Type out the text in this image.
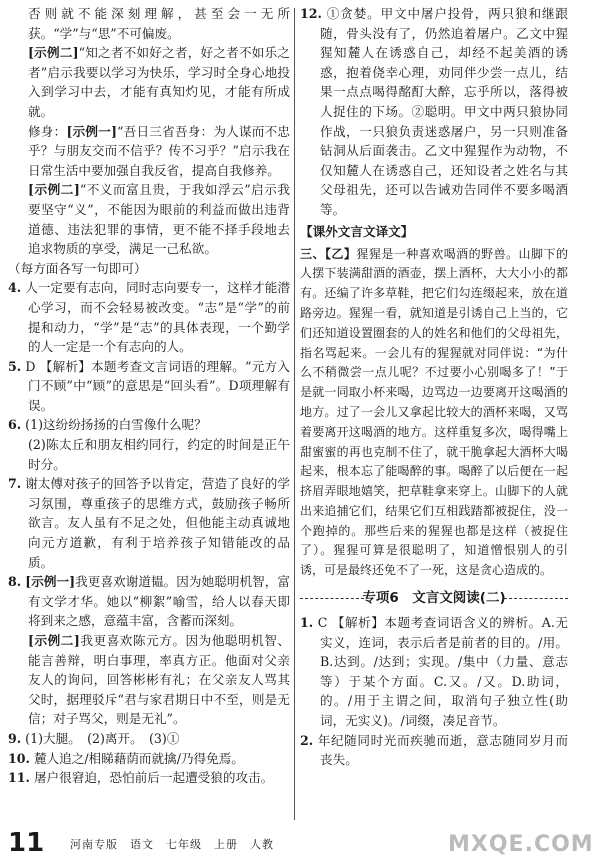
否则就不能深刻理解，甚至会一无所获。“学”与“思”不可偏废。

[示例二]“知之者不如好之者，好之者不如乐之者”启示我要以学习为快乐，学习时全身心地投入到学习中去，才能有真知灼见，才能有所成就。

修身：[示例一]“吾日三省吾身：为人谋而不忠乎？与朋友交而不信乎？传不习乎？”启示我在日常生活中要加强自我反省，提高自我修养。

[示例二]“不义而富且贵，于我如浮云”启示我要坚守“义”，不能因为眼前的利益而做出违背道德、违法犯罪的事情，更不能不择手段地去追求物质的享受，满足一己私欲。

（每方面各写一句即可）

4. 人一定要有志向，同时志向要专一，这样才能潜心学习，而不会轻易被改变。“志”是“学”的前提和动力，“学”是“志”的具体表现，一个勤学的人一定是一个有志向的人。

5. D 【解析】本题考查文言词语的理解。“元方入门不顾”中“顾”的意思是“回头看”。D项理解有误。

6. (1)这纷纷扬扬的白雪像什么呢？

(2)陈太丘和朋友相约同行，约定的时间是正午时分。

7. 谢太傅对孩子的回答予以肯定，营造了良好的学习氛围，尊重孩子的思维方式，鼓励孩子畅所欲言。友人虽有不足之处，但他能主动真诚地向元方道歉，有利于培养孩子知错能改的品质。

8. [示例一]我更喜欢谢道韫。因为她聪明机智，富有文学才华。她以“柳絮”喻雪，给人以春天即将到来之感，意蕴丰富，含蓄而深刻。

[示例二]我更喜欢陈元方。因为他聪明机智、能言善辩，明白事理，率真方正。他面对父亲友人的询问，回答彬彬有礼；在父亲友人骂其父时，据理驳斥“君与家君期日中不至，则是无信；对子骂父，则是无礼”。

9. (1)大腿。　(2)离开。　(3)①

10. 麓人追之/相睇藉荫而就擒/乃得免焉。

11. 屠户很窘迫，恐怕前后一起遭受狼的攻击。

12. ①贪婪。甲文中屠户投骨，两只狼和继跟随，骨头没有了，仍然追着屠户。乙文中猩猩知麓人在诱惑自己，却经不起美酒的诱惑，抱着侥幸心理，劝同伴少尝一点儿，结果一点点喝得酩酊大醉，忘乎所以，落得被人捉住的下场。②聪明。甲文中两只狼协同作战，一只狼负责迷惑屠户，另一只则准备钻洞从后面袭击。乙文中猩猩作为动物，不仅知麓人在诱惑自己，还知设者之姓名与其父母祖先，还可以告诫劝告同伴不要多喝酒等。

【课外文言文译文】

三、【乙】猩猩是一种喜欢喝酒的野兽。山脚下的人摆下装满甜酒的酒壶，摆上酒杯，大大小小的都有。还编了许多草鞋，把它们勾连缀起来，放在道路旁边。猩猩一看，就知道是引诱自己上当的，它们还知道设置圈套的人的姓名和他们的父母祖先，指名骂起来。一会儿有的猩猩就对同伴说：“为什么不稍微尝一点儿呢？不过要小心别喝多了！”于是就一同取小杯来喝，边骂边一边要离开这喝酒的地方。过了一会儿又拿起比较大的酒杯来喝，又骂着要离开这喝酒的地方。这样重复多次，喝得嘴上甜蜜蜜的再也克制不住了，就干脆拿起大酒杯大喝起来，根本忘了能喝醉的事。喝醉了以后便在一起挤眉弄眼地嬉笑，把草鞋拿来穿上。山脚下的人就出来追捕它们，结果它们互相践踏都被捉住，没一个跑掉的。那些后来的猩猩也都是这样（被捉住了）。猩猩可算是很聪明了，知道憎恨别人的引诱，可是最终还免不了一死，这是贪心造成的。

专项6　文言文阅读(二)

1. C 【解析】本题考查词语含义的辨析。A.无实义，连词，表示后者是前者的目的。/用。B.达到。/达到；实现。/集中（力量、意志等）于某个方面。C.又。/又。D.助词，的。/用于主谓之间，取消句子独立性(助词，无实义)。/词缀，凑足音节。

2. 年纪随同时光而疾驰而逝，意志随同岁月而丧失。

11 河南专版　语文　七年级　上册　人教	MXQE.COM
